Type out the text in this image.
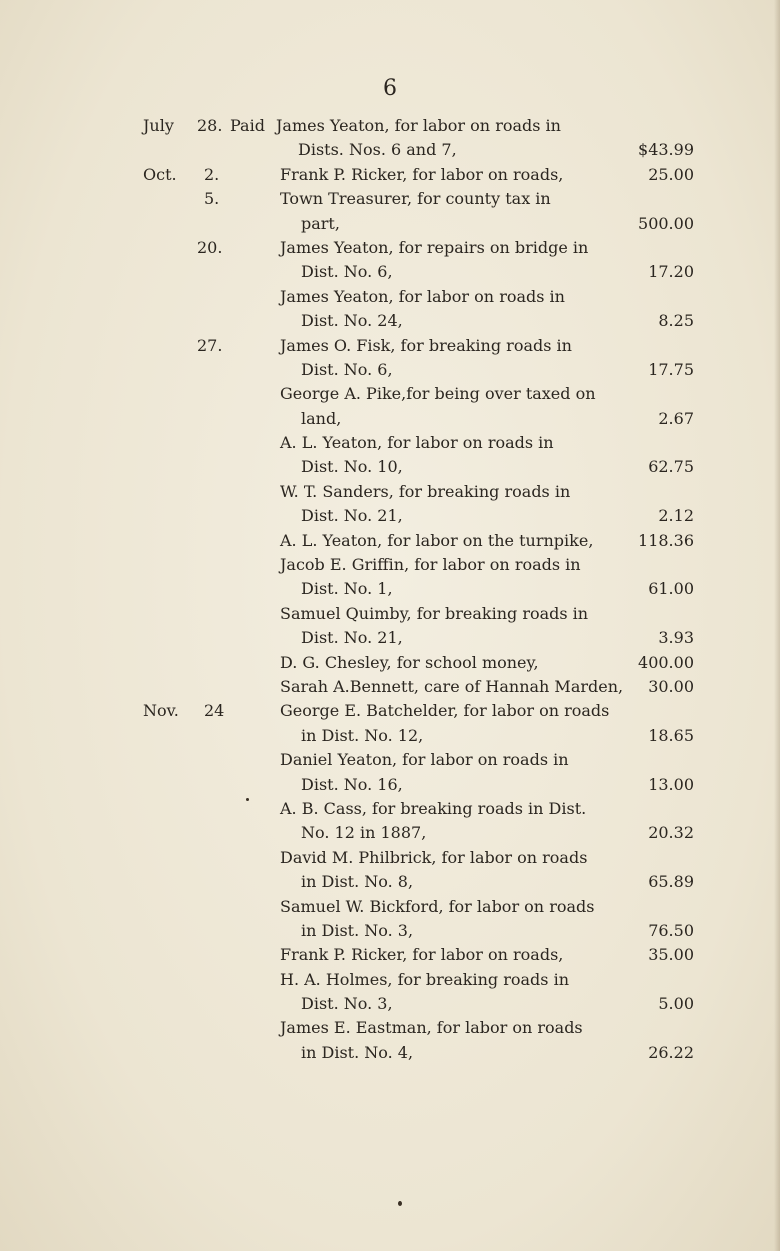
6
July 28. Paid James Yeaton, for labor on roads in
Dists. Nos. 6 and 7,	$43.99
Oct. 2.	Frank P. Ricker, for labor on roads,	25.00
5.	Town Treasurer, for county tax in
part,	500.00
20.	James Yeaton, for repairs on bridge in
Dist. No. 6,	17.20
James Yeaton, for labor on roads in
Dist. No. 24,	8.25
27.	James O. Fisk, for breaking roads in
Dist. No. 6,	17.75
George A. Pike,for being over taxed on
land,	2.67
A. L. Yeaton, for labor on roads in
Dist. No. 10,	62.75
W. T. Sanders, for breaking roads in
Dist. No. 21,	2.12
A. L. Yeaton, for labor on the turnpike,	118.36
Jacob E. Griffin, for labor on roads in
Dist. No. 1,	61.00
Samuel Quimby, for breaking roads in
Dist. No. 21,	3.93
D. G. Chesley, for school money,	400.00
Sarah A.Bennett, care of Hannah Marden, 30.00
Nov. 24	George E. Batchelder, for labor on roads
in Dist. No. 12,	18.65
Daniel Yeaton, for labor on roads in
Dist. No. 16,	13.00
A. B. Cass, for breaking roads in Dist.
No. 12 in 1887,	20.32
David M. Philbrick, for labor on roads
in Dist. No. 8,	65.89
Samuel W. Bickford, for labor on roads
in Dist. No. 3,	76.50
Frank P. Ricker, for labor on roads,	35.00
H. A. Holmes, for breaking roads in
Dist. No. 3,	5.00
James E. Eastman, for labor on roads
in Dist. No. 4,	26.22
